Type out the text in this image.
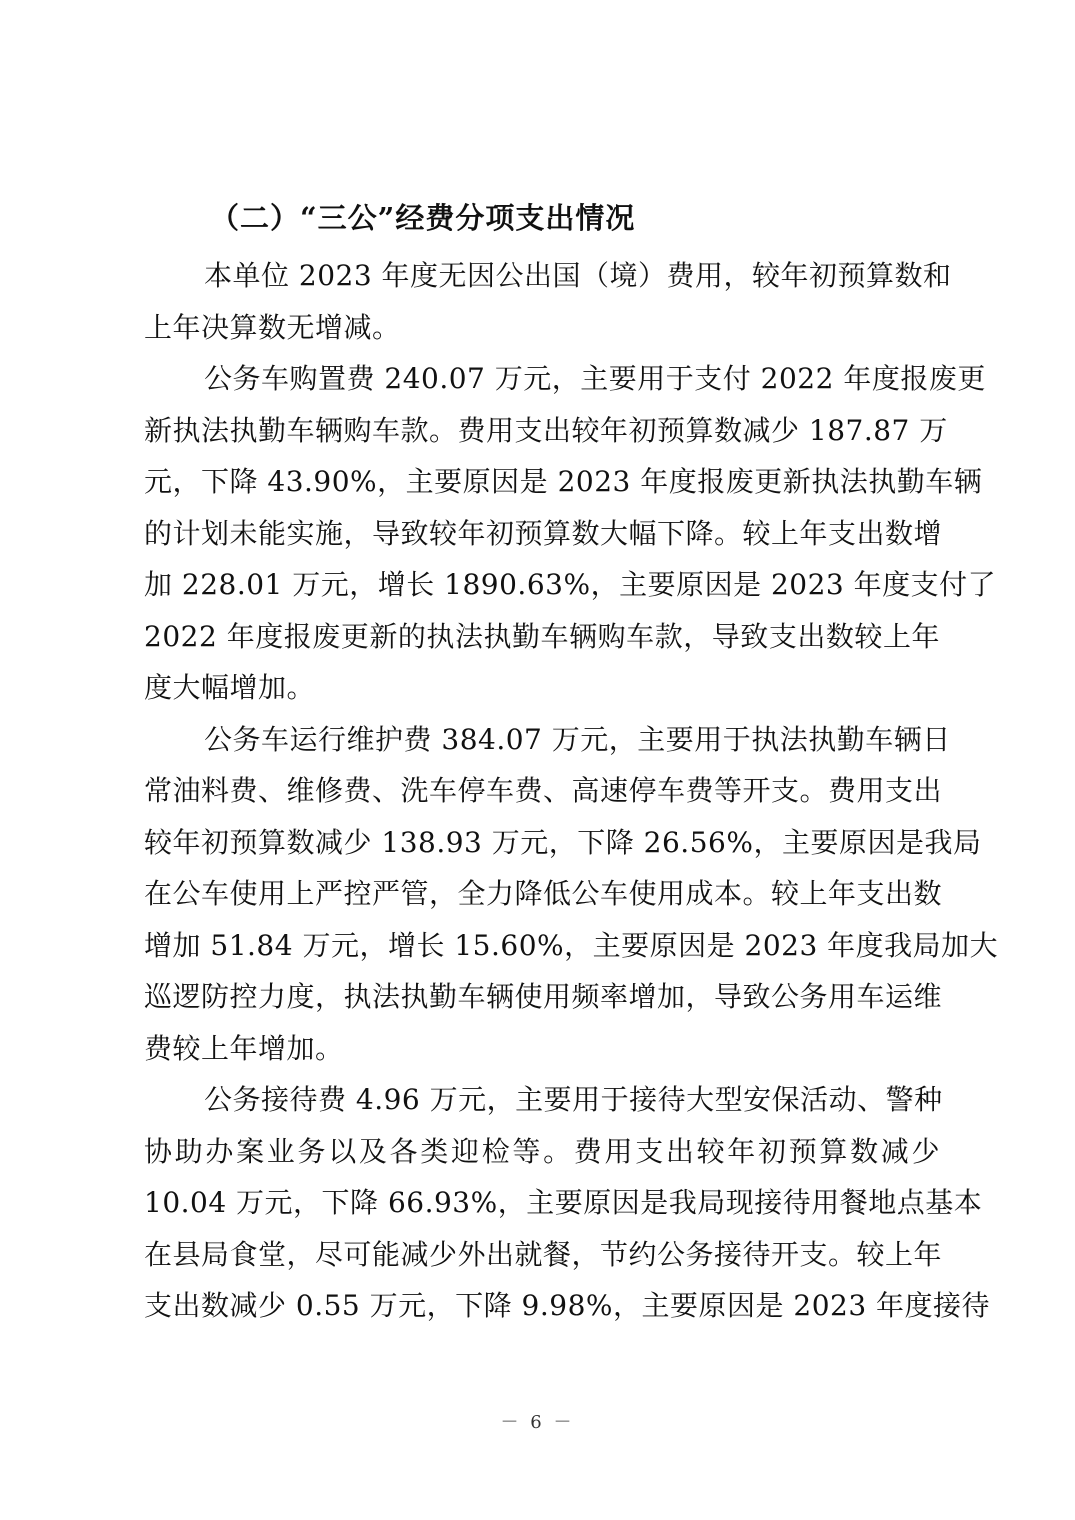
（二）“三公”经费分项支出情况
本单位 2023 年度无因公出国（境）费用，较年初预算数和
上年决算数无增减。
公务车购置费 240.07 万元，主要用于支付 2022 年度报废更
新执法执勤车辆购车款。费用支出较年初预算数减少 187.87 万
元，下降 43.90%，主要原因是 2023 年度报废更新执法执勤车辆
的计划未能实施，导致较年初预算数大幅下降。较上年支出数增
加 228.01 万元，增长 1890.63%，主要原因是 2023 年度支付了
2022 年度报废更新的执法执勤车辆购车款，导致支出数较上年
度大幅增加。
公务车运行维护费 384.07 万元，主要用于执法执勤车辆日
常油料费、维修费、洗车停车费、高速停车费等开支。费用支出
较年初预算数减少 138.93 万元，下降 26.56%，主要原因是我局
在公车使用上严控严管，全力降低公车使用成本。较上年支出数
增加 51.84 万元，增长 15.60%，主要原因是 2023 年度我局加大
巡逻防控力度，执法执勤车辆使用频率增加，导致公务用车运维
费较上年增加。
公务接待费 4.96 万元，主要用于接待大型安保活动、警种
协助办案业务以及各类迎检等。费用支出较年初预算数减少
10.04 万元，下降 66.93%，主要原因是我局现接待用餐地点基本
在县局食堂，尽可能减少外出就餐，节约公务接待开支。较上年
支出数减少 0.55 万元，下降 9.98%，主要原因是 2023 年度接待
－ 6 －
